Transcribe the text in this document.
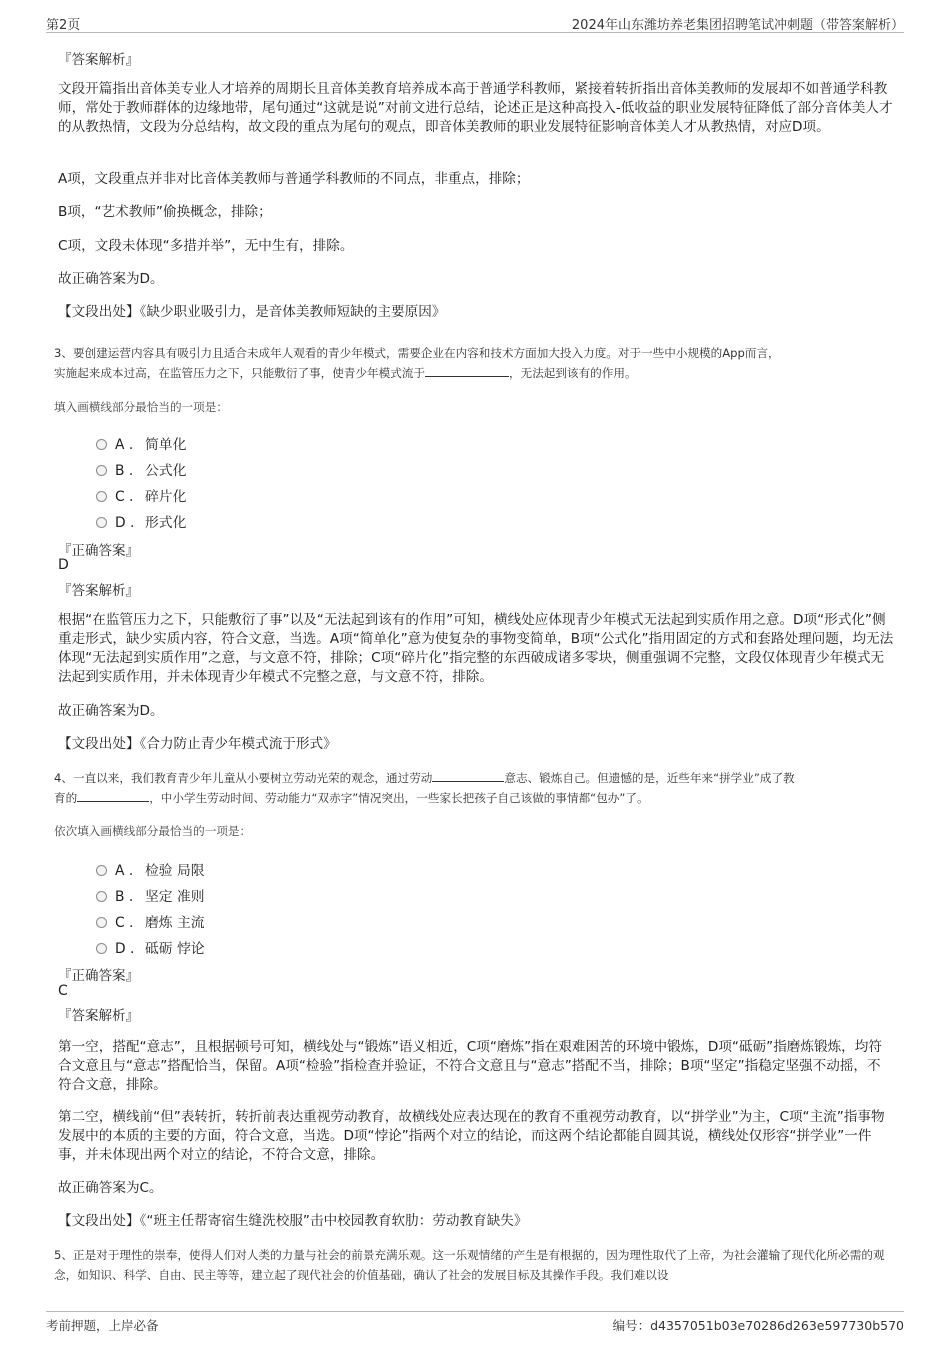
第2页	2024年山东潍坊养老集团招聘笔试冲刺题（带答案解析）
『答案解析』
文段开篇指出音体美专业人才培养的周期长且音体美教育培养成本高于普通学科教师，紧接着转折指出音体美教师的发展却不如普通学科教师，常处于教师群体的边缘地带，尾句通过“这就是说”对前文进行总结，论述正是这种高投入-低收益的职业发展特征降低了部分音体美人才的从教热情，文段为分总结构，故文段的重点为尾句的观点，即音体美教师的职业发展特征影响音体美人才从教热情，对应D项。
A项，文段重点并非对比音体美教师与普通学科教师的不同点，非重点，排除；
B项，“艺术教师”偷换概念，排除；
C项，文段未体现“多措并举”，无中生有，排除。
故正确答案为D。
【文段出处】《缺少职业吸引力，是音体美教师短缺的主要原因》
3、要创建运营内容具有吸引力且适合未成年人观看的青少年模式，需要企业在内容和技术方面加大投入力度。对于一些中小规模的App而言，
实施起来成本过高，在监管压力之下，只能敷衍了事，使青少年模式流于	，无法起到该有的作用。
填入画横线部分最恰当的一项是：
A . 简单化
B . 公式化
C . 碎片化
D . 形式化
『正确答案』
D
『答案解析』
根据“在监管压力之下，只能敷衍了事”以及“无法起到该有的作用”可知，横线处应体现青少年模式无法起到实质作用之意。D项“形式化”侧重走形式，缺少实质内容，符合文意，当选。A项“简单化”意为使复杂的事物变简单，B项“公式化”指用固定的方式和套路处理问题，均无法体现“无法起到实质作用”之意，与文意不符，排除；C项“碎片化”指完整的东西破成诸多零块，侧重强调不完整，文段仅体现青少年模式无法起到实质作用，并未体现青少年模式不完整之意，与文意不符，排除。
故正确答案为D。
【文段出处】《合力防止青少年模式流于形式》
4、一直以来，我们教育青少年儿童从小要树立劳动光荣的观念，通过劳动	意志、锻炼自己。但遗憾的是，近些年来“拼学业”成了教
育的	，中小学生劳动时间、劳动能力“双赤字”情况突出，一些家长把孩子自己该做的事情都“包办”了。
依次填入画横线部分最恰当的一项是：
A . 检验 局限
B . 坚定 准则
C . 磨炼 主流
D . 砥砺 悖论
『正确答案』
C
『答案解析』
第一空，搭配“意志”，且根据顿号可知，横线处与“锻炼”语义相近，C项“磨炼”指在艰难困苦的环境中锻炼，D项“砥砺”指磨炼锻炼，均符合文意且与“意志”搭配恰当，保留。A项“检验”指检查并验证，不符合文意且与“意志”搭配不当，排除；B项“坚定”指稳定坚强不动摇，不符合文意，排除。
第二空，横线前“但”表转折，转折前表达重视劳动教育，故横线处应表达现在的教育不重视劳动教育，以“拼学业”为主，C项“主流”指事物发展中的本质的主要的方面，符合文意，当选。D项“悖论”指两个对立的结论，而这两个结论都能自圆其说，横线处仅形容“拼学业”一件事，并未体现出两个对立的结论，不符合文意，排除。
故正确答案为C。
【文段出处】《“班主任帮寄宿生缝洗校服”击中校园教育软肋：劳动教育缺失》
5、正是对于理性的崇奉，使得人们对人类的力量与社会的前景充满乐观。这一乐观情绪的产生是有根据的，因为理性取代了上帝，为社会灌输了现代化所必需的观念，如知识、科学、自由、民主等等，建立起了现代社会的价值基础，确认了社会的发展目标及其操作手段。我们难以设
考前押题，上岸必备	编号：d4357051b03e70286d263e597730b570
